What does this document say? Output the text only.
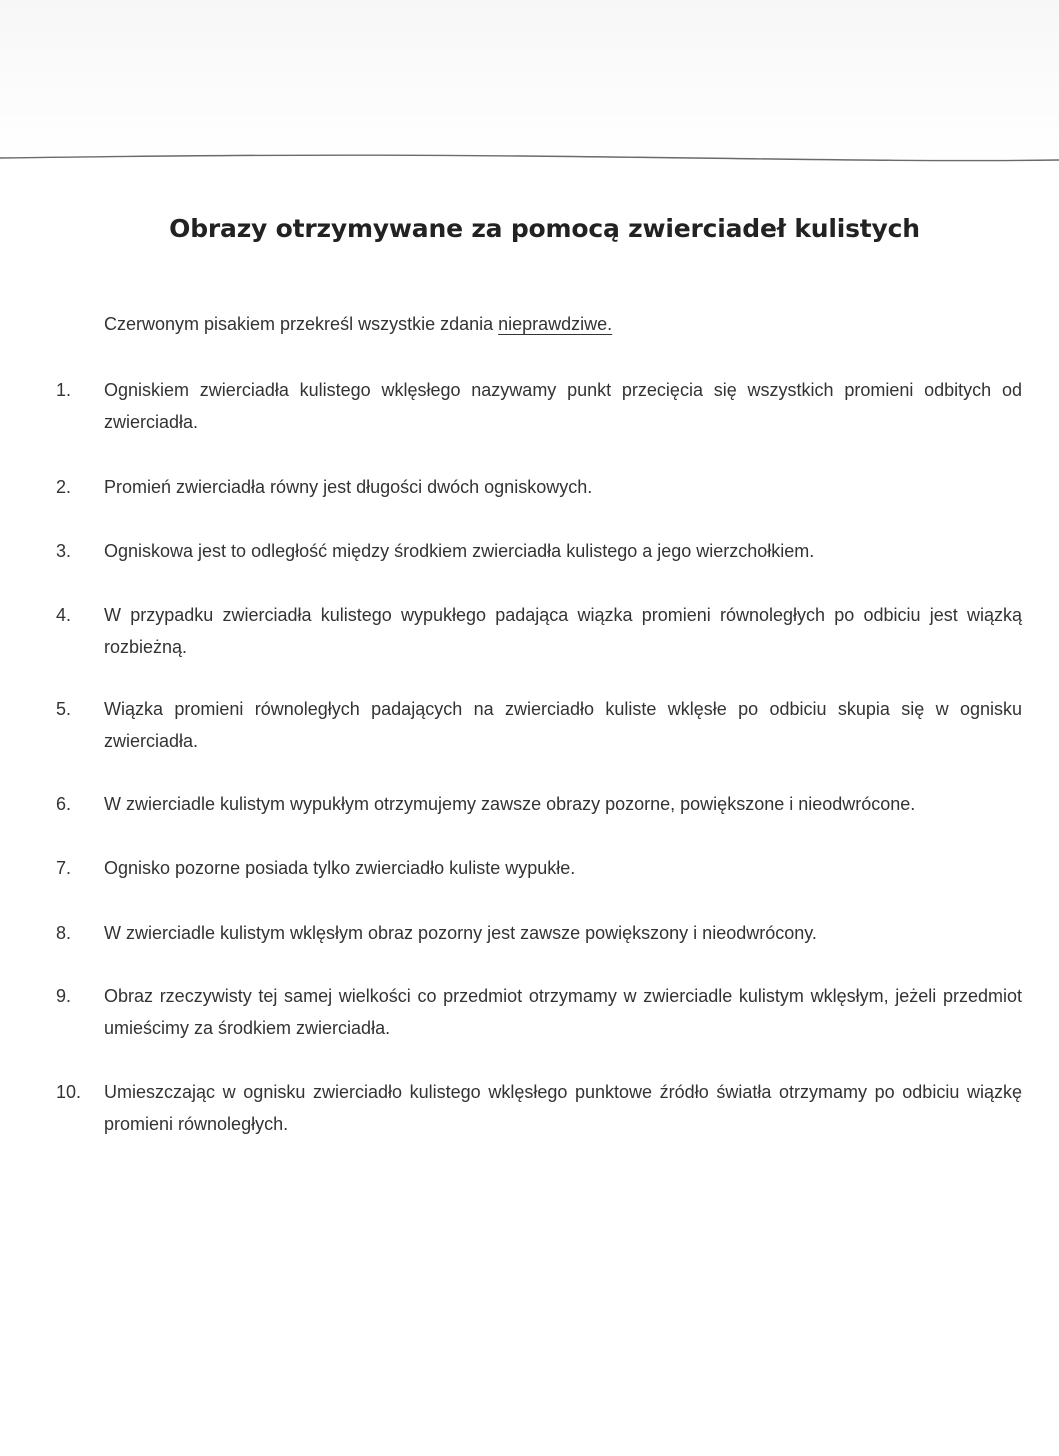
Obrazy otrzymywane za pomocą zwierciadeł kulistych
Czerwonym pisakiem przekreśl wszystkie zdania nieprawdziwe.
1.	Ogniskiem zwierciadła kulistego wklęsłego nazywamy punkt przecięcia się wszystkich promieni odbitych od zwierciadła.
2.	Promień zwierciadła równy jest długości dwóch ogniskowych.
3.	Ogniskowa jest to odległość między środkiem zwierciadła kulistego a jego wierzchołkiem.
4.	W przypadku zwierciadła kulistego wypukłego padająca wiązka promieni równoległych po odbiciu jest wiązką rozbieżną.
5.	Wiązka promieni równoległych padających na zwierciadło kuliste wklęsłe po odbiciu skupia się w ognisku zwierciadła.
6.	W zwierciadle kulistym wypukłym otrzymujemy zawsze obrazy pozorne, powiększone i nieodwrócone.
7.	Ognisko pozorne posiada tylko zwierciadło kuliste wypukłe.
8.	W zwierciadle kulistym wklęsłym obraz pozorny jest zawsze powiększony i nieodwrócony.
9.	Obraz rzeczywisty tej samej wielkości co przedmiot otrzymamy w zwierciadle kulistym wklęsłym, jeżeli przedmiot umieścimy za środkiem zwierciadła.
10.	Umieszczając w ognisku zwierciadło kulistego wklęsłego punktowe źródło światła otrzymamy po odbiciu wiązkę promieni równoległych.
